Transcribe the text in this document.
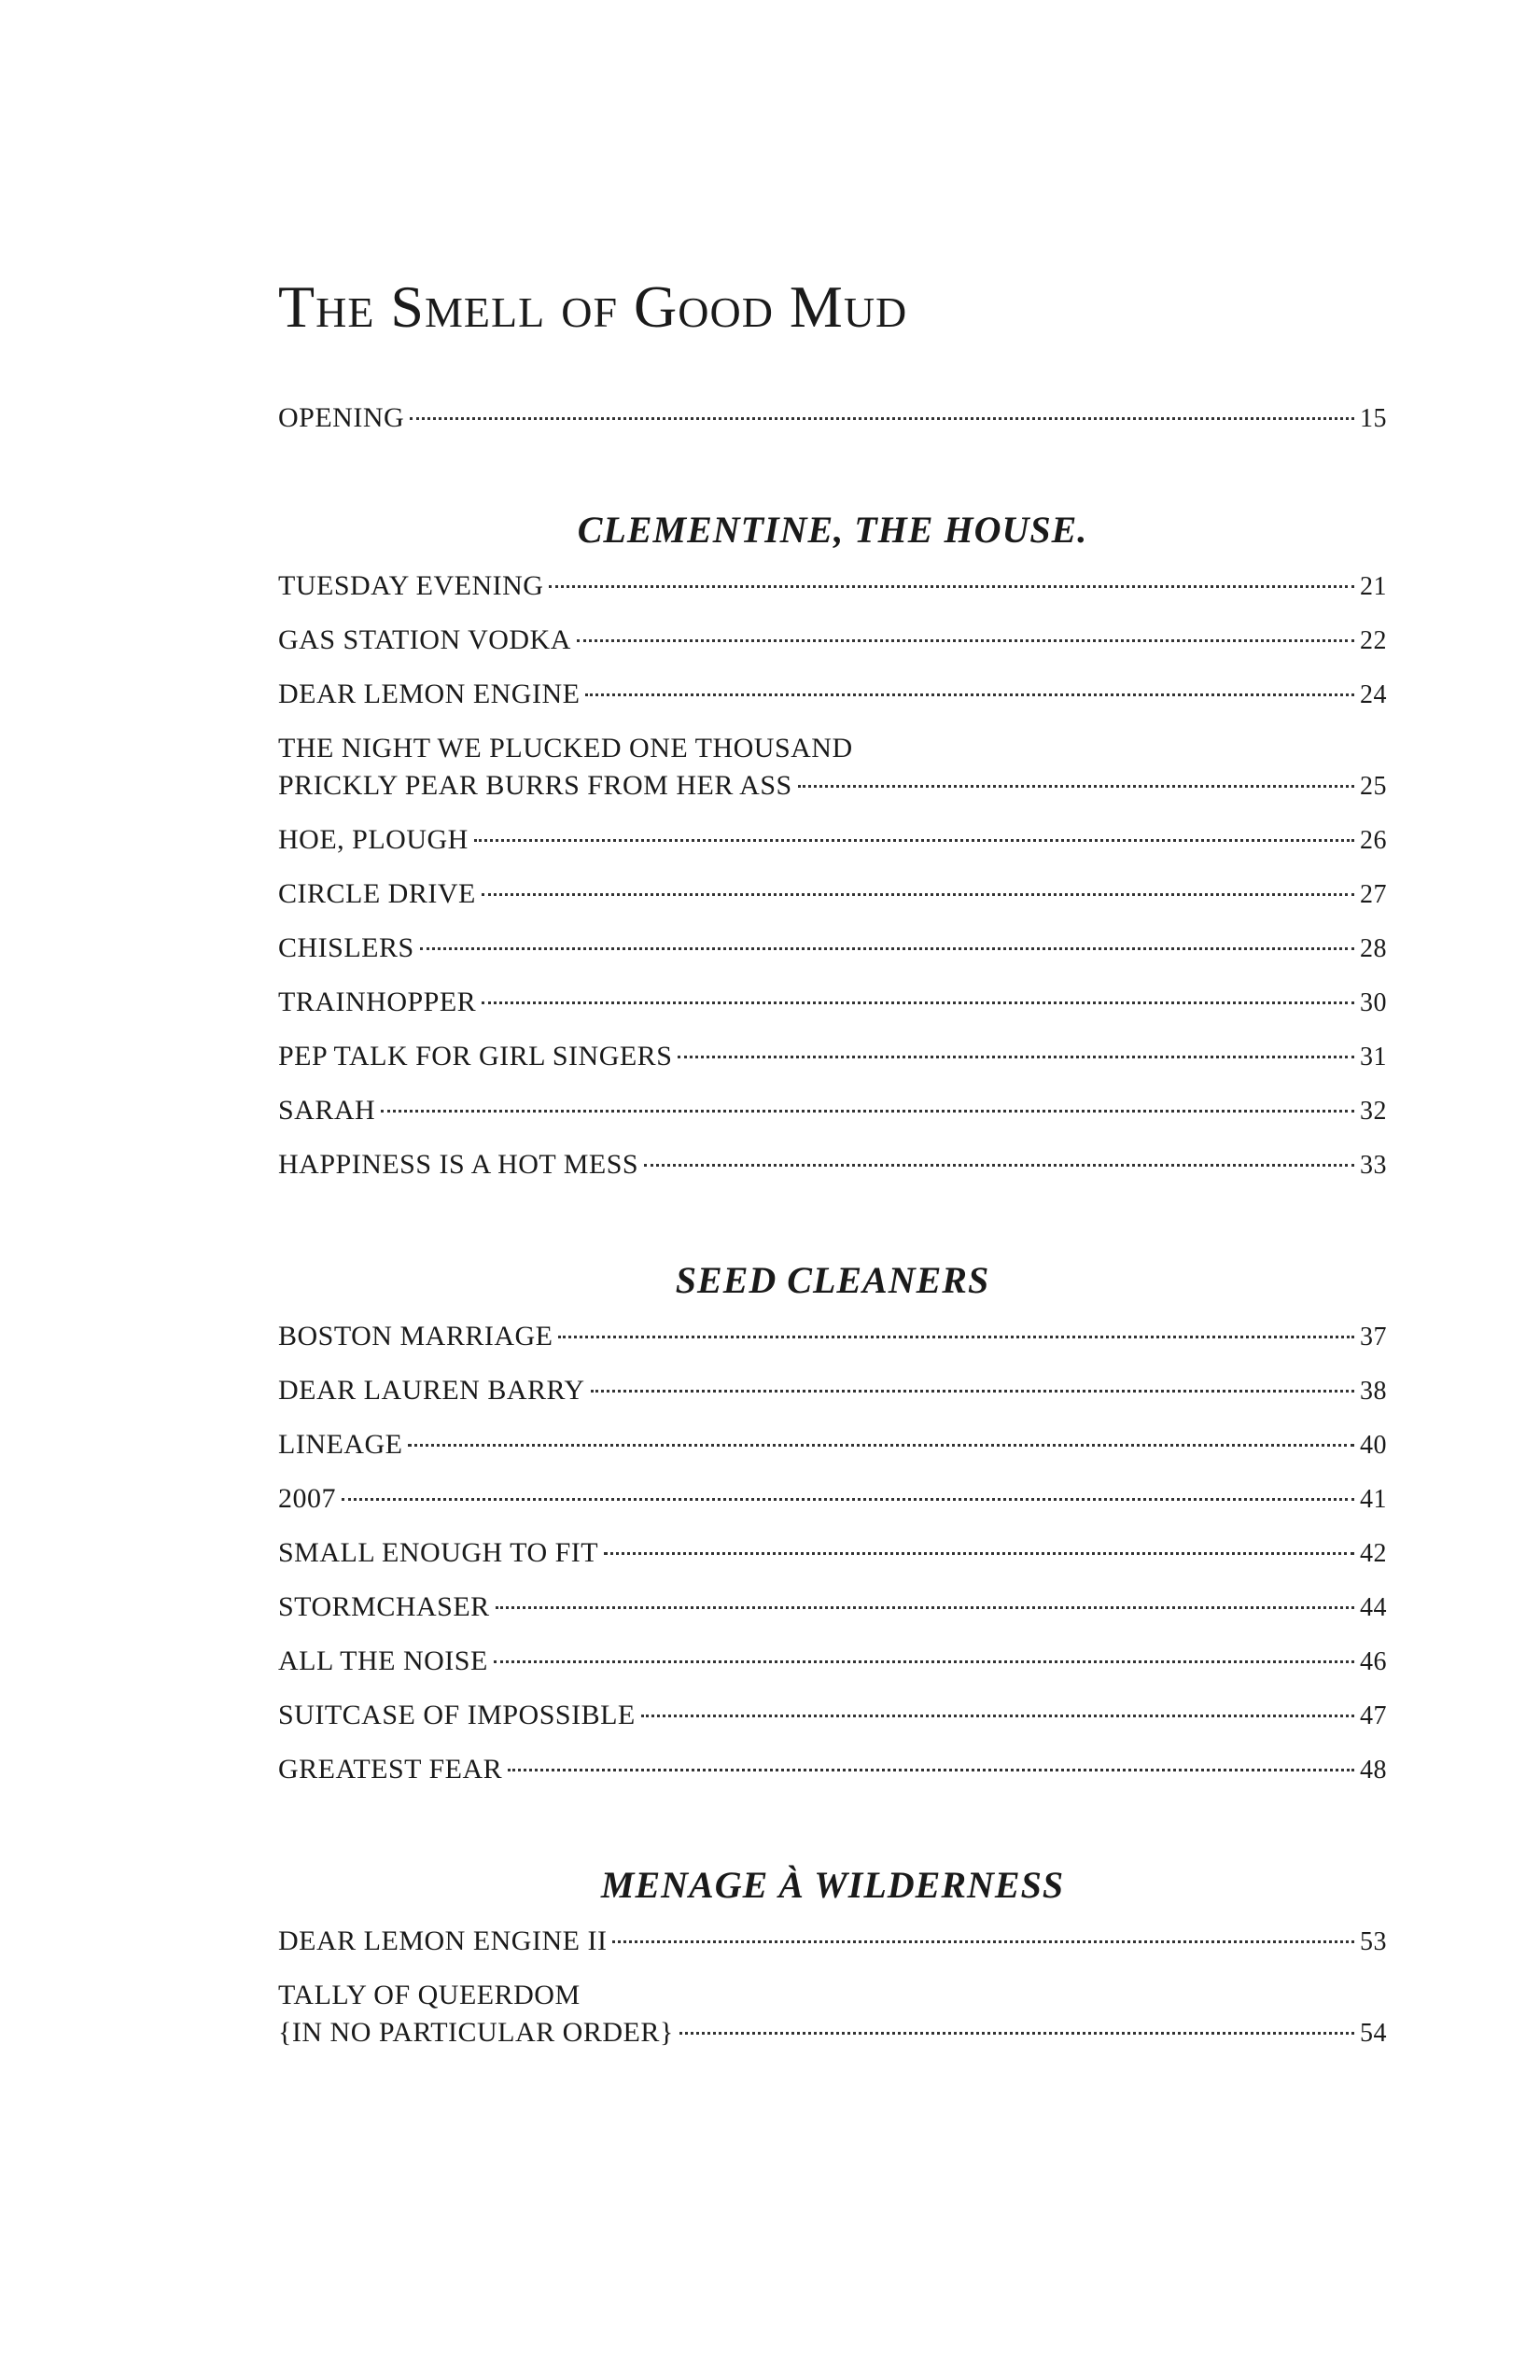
THE SMELL OF GOOD MUD
OPENING	15
CLEMENTINE, THE HOUSE.
TUESDAY EVENING	21
GAS STATION VODKA	22
DEAR LEMON ENGINE	24
THE NIGHT WE PLUCKED ONE THOUSAND
PRICKLY PEAR BURRS FROM HER ASS	25
HOE, PLOUGH	26
CIRCLE DRIVE	27
CHISLERS	28
TRAINHOPPER	30
PEP TALK FOR GIRL SINGERS	31
SARAH	32
HAPPINESS IS A HOT MESS	33
SEED CLEANERS
BOSTON MARRIAGE	37
DEAR LAUREN BARRY	38
LINEAGE	40
2007	41
SMALL ENOUGH TO FIT	42
STORMCHASER	44
ALL THE NOISE	46
SUITCASE OF IMPOSSIBLE	47
GREATEST FEAR	48
MENAGE À WILDERNESS
DEAR LEMON ENGINE II	53
TALLY OF QUEERDOM
{IN NO PARTICULAR ORDER}	54
